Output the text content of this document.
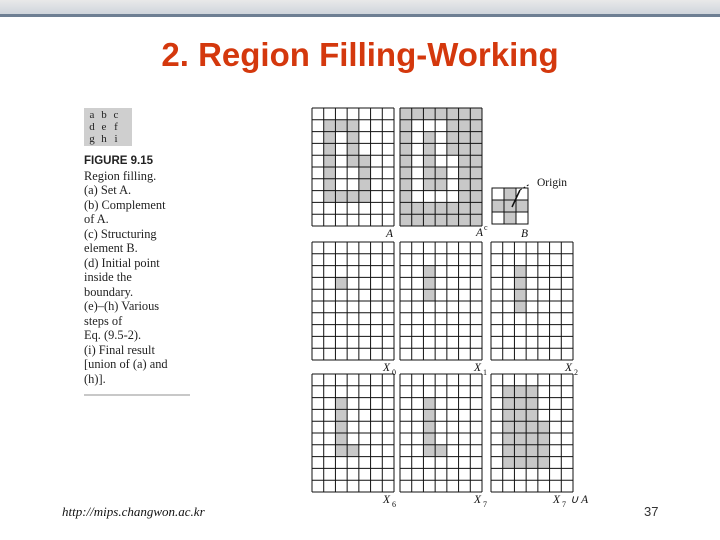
2. Region Filling-Working
a b c
d e f
g h i
FIGURE 9.15
Region filling.
(a) Set A.
(b) Complement
of A.
(c) Structuring
element B.
(d) Initial point
inside the
boundary.
(e)–(h) Various
steps of
Eq. (9.5-2).
(i) Final result
[union of (a) and
(h)].
Origin
A	A c
B
X 0	X 1	X 2
X 6	X 7	X 7 ∪ A
http://mips.changwon.ac.kr	37
